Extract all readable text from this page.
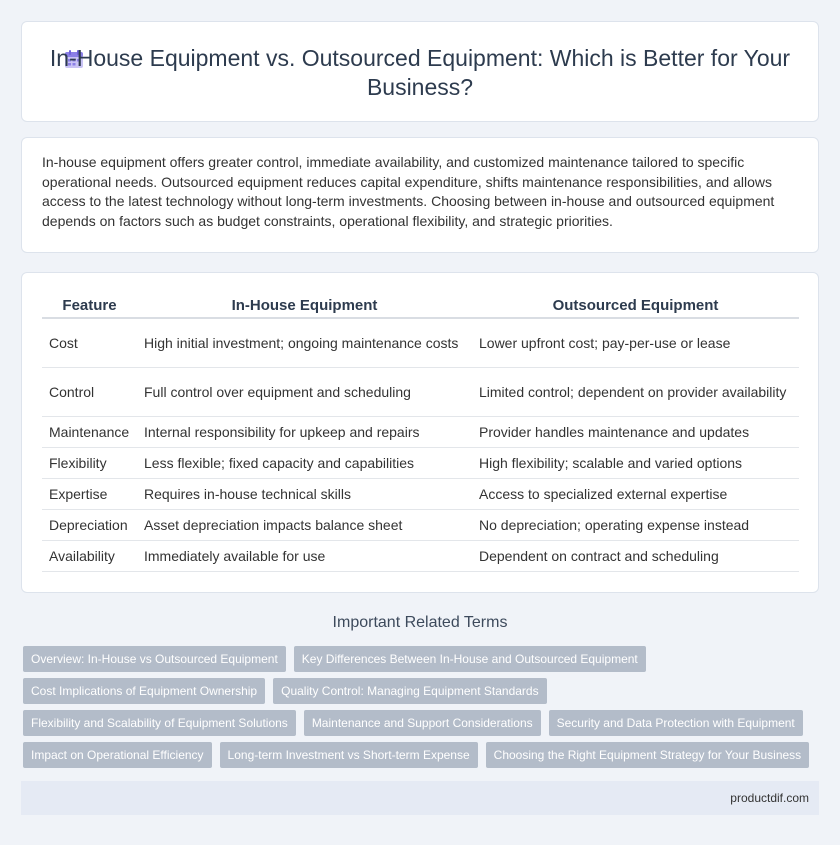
In-House Equipment vs. Outsourced Equipment: Which is Better for Your Business?

In-house equipment offers greater control, immediate availability, and customized maintenance tailored to specific operational needs. Outsourced equipment reduces capital expenditure, shifts maintenance responsibilities, and allows access to the latest technology without long-term investments. Choosing between in-house and outsourced equipment depends on factors such as budget constraints, operational flexibility, and strategic priorities.

Feature	In-House Equipment	Outsourced Equipment
Cost	High initial investment; ongoing maintenance costs	Lower upfront cost; pay-per-use or lease
Control	Full control over equipment and scheduling	Limited control; dependent on provider availability
Maintenance	Internal responsibility for upkeep and repairs	Provider handles maintenance and updates
Flexibility	Less flexible; fixed capacity and capabilities	High flexibility; scalable and varied options
Expertise	Requires in-house technical skills	Access to specialized external expertise
Depreciation	Asset depreciation impacts balance sheet	No depreciation; operating expense instead
Availability	Immediately available for use	Dependent on contract and scheduling
Important Related Terms
Overview: In-House vs Outsourced Equipment	Key Differences Between In-House and Outsourced Equipment
Cost Implications of Equipment Ownership	Quality Control: Managing Equipment Standards
Flexibility and Scalability of Equipment Solutions	Maintenance and Support Considerations	Security and Data Protection with Equipment
Impact on Operational Efficiency	Long-term Investment vs Short-term Expense	Choosing the Right Equipment Strategy for Your Business
productdif.com
